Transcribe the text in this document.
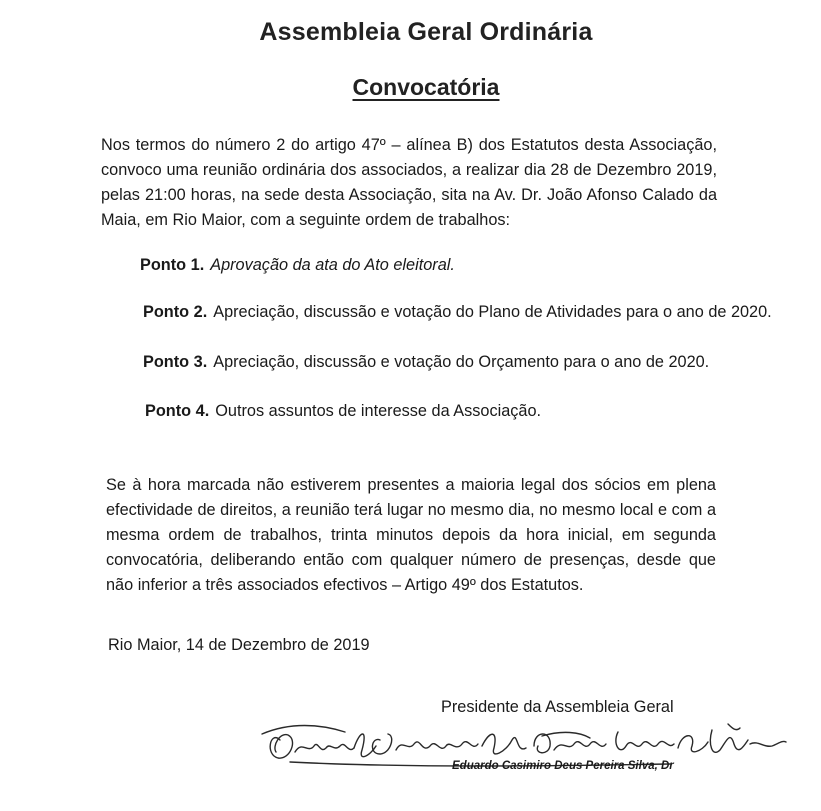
Assembleia Geral Ordinária
Convocatória
Nos termos do número 2 do artigo 47º – alínea B) dos Estatutos desta Associação, convoco uma reunião ordinária dos associados, a realizar dia 28 de Dezembro 2019, pelas 21:00 horas, na sede desta Associação, sita na Av. Dr. João Afonso Calado da Maia, em Rio Maior, com a seguinte ordem de trabalhos:
Ponto 1. Aprovação da ata do Ato eleitoral.
Ponto 2. Apreciação, discussão e votação do Plano de Atividades para o ano de 2020.
Ponto 3. Apreciação, discussão e votação do Orçamento para o ano de 2020.
Ponto 4. Outros assuntos de interesse da Associação.
Se à hora marcada não estiverem presentes a maioria legal dos sócios em plena efectividade de direitos, a reunião terá lugar no mesmo dia, no mesmo local e com a mesma ordem de trabalhos, trinta minutos depois da hora inicial, em segunda convocatória, deliberando então com qualquer número de presenças, desde que não inferior a três associados efectivos – Artigo 49º dos Estatutos.
Rio Maior, 14 de Dezembro de 2019
Presidente da Assembleia Geral
Eduardo Casimiro Deus Pereira Silva, Dr
